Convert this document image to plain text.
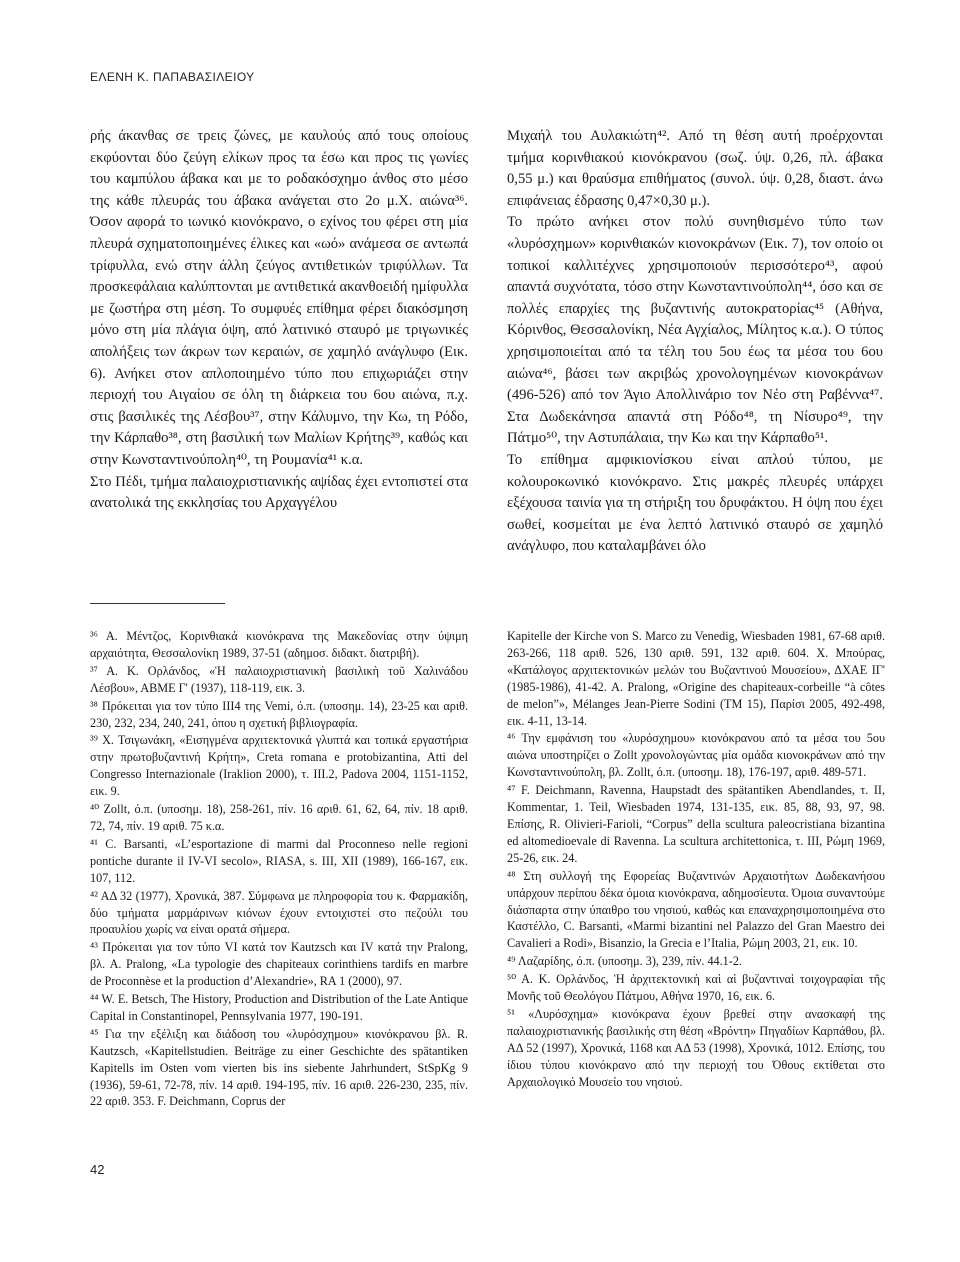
ΕΛΕΝΗ Κ. ΠΑΠΑΒΑΣΙΛΕΙΟΥ

ρής άκανθας σε τρεις ζώνες, με καυλούς από τους οποίους εκφύονται δύο ζεύγη ελίκων προς τα έσω και προς τις γωνίες του καμπύλου άβακα και με το ροδακόσχημο άνθος στο μέσο της κάθε πλευράς του άβακα ανάγεται στο 2ο μ.Χ. αιώνα³⁶. Όσον αφορά το ιωνικό κιονόκρανο, ο εχίνος του φέρει στη μία πλευρά σχηματοποιημένες έλικες και «ωό» ανάμεσα σε αντωπά τρίφυλλα, ενώ στην άλλη ζεύγος αντιθετικών τριφύλλων. Τα προσκεφάλαια καλύπτονται με αντιθετικά ακανθοειδή ημίφυλλα με ζωστήρα στη μέση. Το συμφυές επίθημα φέρει διακόσμηση μόνο στη μία πλάγια όψη, από λατινικό σταυρό με τριγωνικές απολήξεις των άκρων των κεραιών, σε χαμηλό ανάγλυφο (Εικ. 6). Ανήκει στον απλοποιημένο τύπο που επιχωριάζει στην περιοχή του Αιγαίου σε όλη τη διάρκεια του 6ου αιώνα, π.χ. στις βασιλικές της Λέσβου³⁷, στην Κάλυμνο, την Κω, τη Ρόδο, την Κάρπαθο³⁸, στη βασιλική των Μαλίων Κρήτης³⁹, καθώς και στην Κωνσταντινούπολη⁴⁰, τη Ρουμανία⁴¹ κ.α.

Στο Πέδι, τμήμα παλαιοχριστιανικής αψίδας έχει εντοπιστεί στα ανατολικά της εκκλησίας του Αρχαγγέλου

Μιχαήλ του Αυλακιώτη⁴². Από τη θέση αυτή προέρχονται τμήμα κορινθιακού κιονόκρανου (σωζ. ύψ. 0,26, πλ. άβακα 0,55 μ.) και θραύσμα επιθήματος (συνολ. ύψ. 0,28, διαστ. άνω επιφάνειας έδρασης 0,47×0,30 μ.).

Το πρώτο ανήκει στον πολύ συνηθισμένο τύπο των «λυρόσχημων» κορινθιακών κιονοκράνων (Εικ. 7), τον οποίο οι τοπικοί καλλιτέχνες χρησιμοποιούν περισσότερο⁴³, αφού απαντά συχνότατα, τόσο στην Κωνσταντινούπολη⁴⁴, όσο και σε πολλές επαρχίες της βυζαντινής αυτοκρατορίας⁴⁵ (Αθήνα, Κόρινθος, Θεσσαλονίκη, Νέα Αγχίαλος, Μίλητος κ.α.). Ο τύπος χρησιμοποιείται από τα τέλη του 5ου έως τα μέσα του 6ου αιώνα⁴⁶, βάσει των ακριβώς χρονολογημένων κιονοκράνων (496-526) από τον Άγιο Απολλινάριο τον Νέο στη Ραβέννα⁴⁷. Στα Δωδεκάνησα απαντά στη Ρόδο⁴⁸, τη Νίσυρο⁴⁹, την Πάτμο⁵⁰, την Αστυπάλαια, την Κω και την Κάρπαθο⁵¹.

Το επίθημα αμφικιονίσκου είναι απλού τύπου, με κολουροκωνικό κιονόκρανο. Στις μακρές πλευρές υπάρχει εξέχουσα ταινία για τη στήριξη του δρυφάκτου. Η όψη που έχει σωθεί, κοσμείται με ένα λεπτό λατινικό σταυρό σε χαμηλό ανάγλυφο, που καταλαμβάνει όλο

³⁶ Α. Μέντζος, Κορινθιακά κιονόκρανα της Μακεδονίας στην ύψιμη αρχαιότητα, Θεσσαλονίκη 1989, 37-51 (αδημοσ. διδακτ. διατριβή).

³⁷ Α. Κ. Ορλάνδος, «Ἡ παλαιοχριστιανικὴ βασιλικὴ τοῦ Χαλινάδου Λέσβου», ΑΒΜΕ Γ' (1937), 118-119, εικ. 3.

³⁸ Πρόκειται για τον τύπο ΙΙΙ4 της Vemi, ό.π. (υποσημ. 14), 23-25 και αριθ. 230, 232, 234, 240, 241, όπου η σχετική βιβλιογραφία.

³⁹ Χ. Τσιγωνάκη, «Εισηγμένα αρχιτεκτονικά γλυπτά και τοπικά εργαστήρια στην πρωτοβυζαντινή Κρήτη», Creta romana e protobizantina, Atti del Congresso Internazionale (Iraklion 2000), τ. ΙΙΙ.2, Padova 2004, 1151-1152, εικ. 9.

⁴⁰ Zollt, ό.π. (υποσημ. 18), 258-261, πίν. 16 αριθ. 61, 62, 64, πίν. 18 αριθ. 72, 74, πίν. 19 αριθ. 75 κ.α.

⁴¹ C. Barsanti, «L’esportazione di marmi dal Proconneso nelle regioni pontiche durante il IV-VI secolo», RIASA, s. III, XII (1989), 166-167, εικ. 107, 112.

⁴² ΑΔ 32 (1977), Χρονικά, 387. Σύμφωνα με πληροφορία του κ. Φαρμακίδη, δύο τμήματα μαρμάρινων κιόνων έχουν εντοιχιστεί στο πεζούλι του προαυλίου χωρίς να είναι ορατά σήμερα.

⁴³ Πρόκειται για τον τύπο VI κατά τον Kautzsch και IV κατά την Pralong, βλ. A. Pralong, «La typologie des chapiteaux corinthiens tardifs en marbre de Proconnèse et la production d’Alexandrie», RA 1 (2000), 97.

⁴⁴ W. E. Betsch, The History, Production and Distribution of the Late Antique Capital in Constantinopel, Pennsylvania 1977, 190-191.

⁴⁵ Για την εξέλιξη και διάδοση του «λυρόσχημου» κιονόκρανου βλ. R. Kautzsch, «Kapitellstudien. Beiträge zu einer Geschichte des spätantiken Kapitells im Osten vom vierten bis ins siebente Jahrhundert, StSpKg 9 (1936), 59-61, 72-78, πίν. 14 αριθ. 194-195, πίν. 16 αριθ. 226-230, 235, πίν. 22 αριθ. 353. F. Deichmann, Coprus der

Kapitelle der Kirche von S. Marco zu Venedig, Wiesbaden 1981, 67-68 αριθ. 263-266, 118 αριθ. 526, 130 αριθ. 591, 132 αριθ. 604. Χ. Μπούρας, «Κατάλογος αρχιτεκτονικών μελών του Βυζαντινού Μουσείου», ΔΧΑΕ ΙΓ' (1985-1986), 41-42. A. Pralong, «Origine des chapiteaux-corbeille “à côtes de melon”», Mélanges Jean-Pierre Sodini (TM 15), Παρίσι 2005, 492-498, εικ. 4-11, 13-14.

⁴⁶ Την εμφάνιση του «λυρόσχημου» κιονόκρανου από τα μέσα του 5ου αιώνα υποστηρίζει ο Zollt χρονολογώντας μία ομάδα κιονοκράνων από την Κωνσταντινούπολη, βλ. Zollt, ό.π. (υποσημ. 18), 176-197, αριθ. 489-571.

⁴⁷ F. Deichmann, Ravenna, Haupstadt des spätantiken Abendlandes, τ. II, Kommentar, 1. Teil, Wiesbaden 1974, 131-135, εικ. 85, 88, 93, 97, 98. Επίσης, R. Olivieri-Farioli, “Corpus” della scultura paleocristiana bizantina ed altomedioevale di Ravenna. La scultura architettonica, τ. III, Ρώμη 1969, 25-26, εικ. 24.

⁴⁸ Στη συλλογή της Εφορείας Βυζαντινών Αρχαιοτήτων Δωδεκανήσου υπάρχουν περίπου δέκα όμοια κιονόκρανα, αδημοσίευτα. Όμοια συναντούμε διάσπαρτα στην ύπαιθρο του νησιού, καθώς και επαναχρησιμοποιημένα στο Καστέλλο, C. Barsanti, «Marmi bizantini nel Palazzo del Gran Maestro dei Cavalieri a Rodi», Bisanzio, la Grecia e l’Italia, Ρώμη 2003, 21, εικ. 10.

⁴⁹ Λαζαρίδης, ό.π. (υποσημ. 3), 239, πίν. 44.1-2.

⁵⁰ Α. Κ. Ορλάνδος, Ἡ ἀρχιτεκτονικὴ καὶ αἱ βυζαντιναὶ τοιχογραφίαι τῆς Μονῆς τοῦ Θεολόγου Πάτμου, Αθήνα 1970, 16, εικ. 6.

⁵¹ «Λυρόσχημα» κιονόκρανα έχουν βρεθεί στην ανασκαφή της παλαιοχριστιανικής βασιλικής στη θέση «Βρόντη» Πηγαδίων Καρπάθου, βλ. ΑΔ 52 (1997), Χρονικά, 1168 και ΑΔ 53 (1998), Χρονικά, 1012. Επίσης, του ίδιου τύπου κιονόκρανο από την περιοχή του Όθους εκτίθεται στο Αρχαιολογικό Μουσείο του νησιού.

42
